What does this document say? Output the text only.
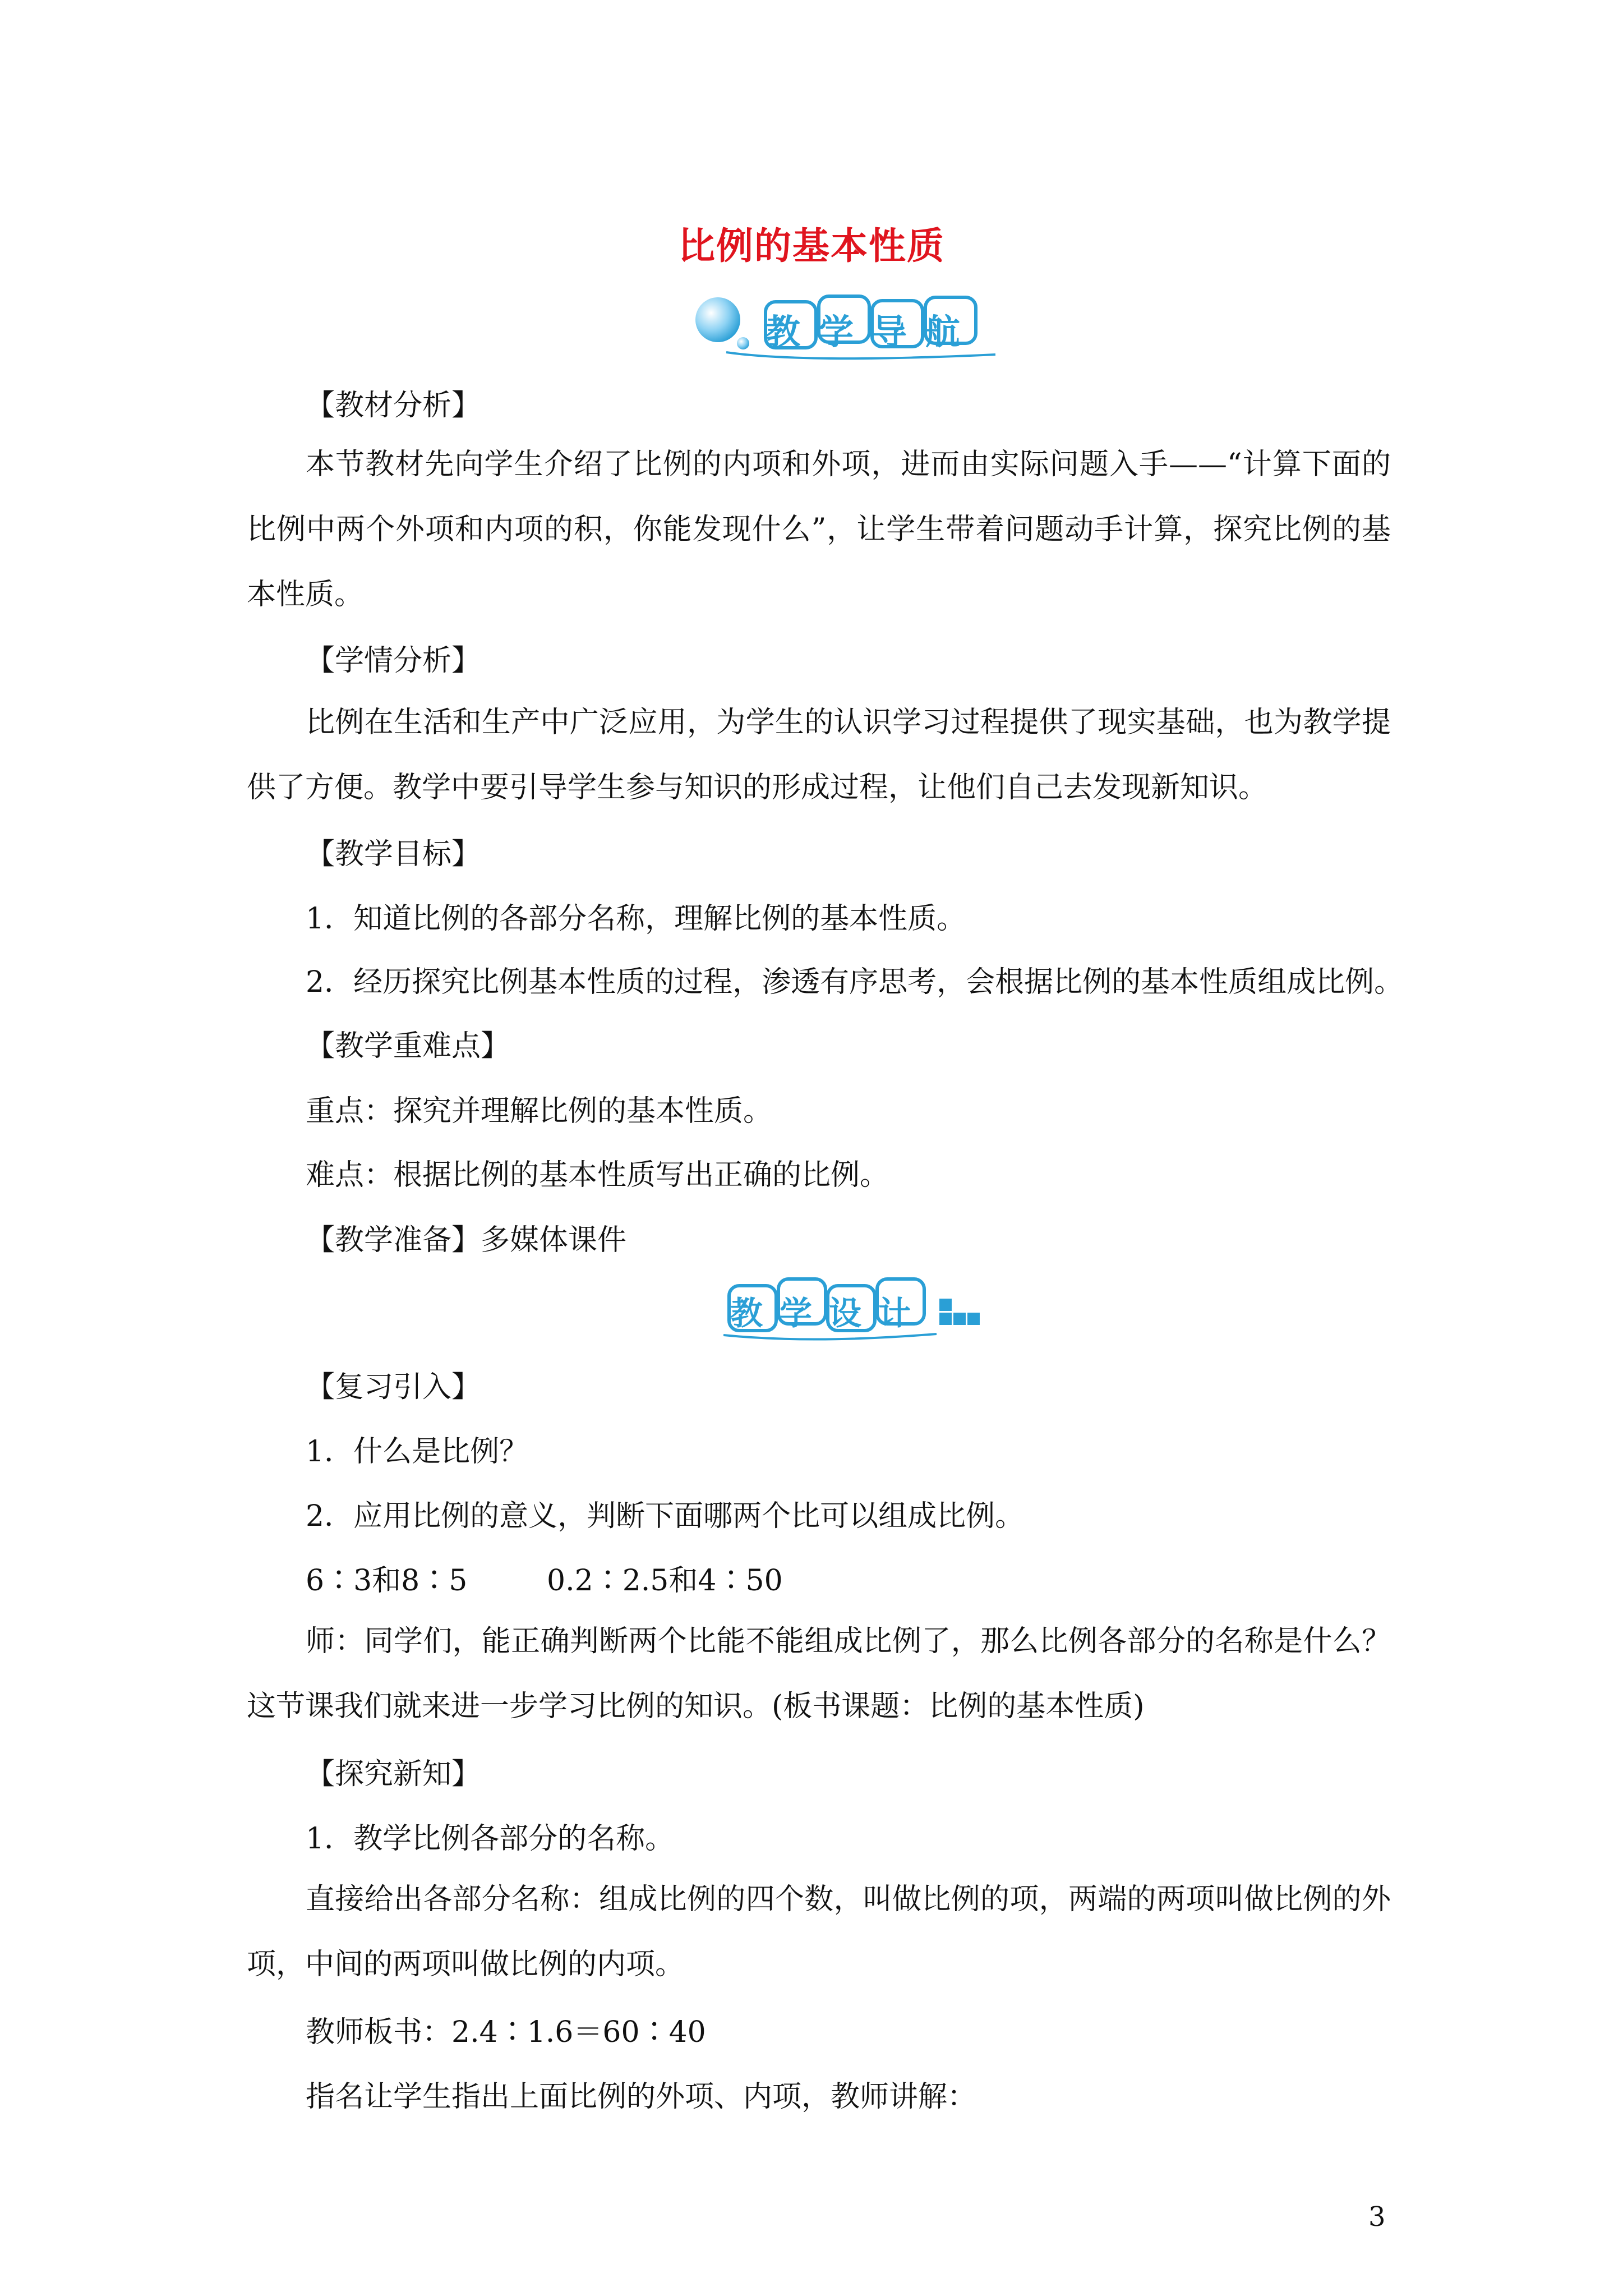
比例的基本性质
教学导航
【教材分析】
本节教材先向学生介绍了比例的内项和外项，进而由实际问题入手——“计算下面的比例中两个外项和内项的积，你能发现什么”，让学生带着问题动手计算，探究比例的基本性质。
【学情分析】
比例在生活和生产中广泛应用，为学生的认识学习过程提供了现实基础，也为教学提供了方便。教学中要引导学生参与知识的形成过程，让他们自己去发现新知识。
【教学目标】
1．知道比例的各部分名称，理解比例的基本性质。
2．经历探究比例基本性质的过程，渗透有序思考，会根据比例的基本性质组成比例。
【教学重难点】
重点：探究并理解比例的基本性质。
难点：根据比例的基本性质写出正确的比例。
【教学准备】多媒体课件
教学设计
【复习引入】
1．什么是比例？
2．应用比例的意义，判断下面哪两个比可以组成比例。
6∶3和8∶5	0.2∶2.5和4∶50
师：同学们，能正确判断两个比能不能组成比例了，那么比例各部分的名称是什么？这节课我们就来进一步学习比例的知识。(板书课题：比例的基本性质)
【探究新知】
1．教学比例各部分的名称。
直接给出各部分名称：组成比例的四个数，叫做比例的项，两端的两项叫做比例的外项，中间的两项叫做比例的内项。
教师板书：2.4∶1.6＝60∶40
指名让学生指出上面比例的外项、内项，教师讲解：
3
